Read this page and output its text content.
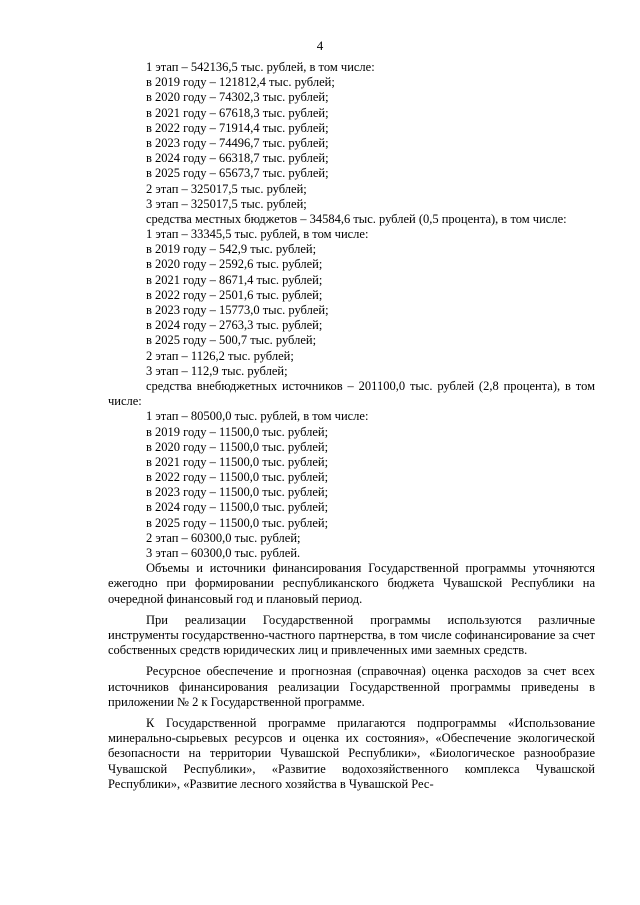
4
1 этап – 542136,5 тыс. рублей, в том числе:
в 2019 году – 121812,4 тыс. рублей;
в 2020 году – 74302,3 тыс. рублей;
в 2021 году – 67618,3 тыс. рублей;
в 2022 году – 71914,4 тыс. рублей;
в 2023 году – 74496,7 тыс. рублей;
в 2024 году – 66318,7 тыс. рублей;
в 2025 году – 65673,7 тыс. рублей;
2 этап – 325017,5 тыс. рублей;
3 этап – 325017,5 тыс. рублей;

средства местных бюджетов – 34584,6 тыс. рублей (0,5 процента), в том числе:

1 этап – 33345,5 тыс. рублей, в том числе:
в 2019 году – 542,9 тыс. рублей;
в 2020 году – 2592,6 тыс. рублей;
в 2021 году – 8671,4 тыс. рублей;
в 2022 году – 2501,6 тыс. рублей;
в 2023 году – 15773,0 тыс. рублей;
в 2024 году – 2763,3 тыс. рублей;
в 2025 году – 500,7 тыс. рублей;
2 этап – 1126,2 тыс. рублей;
3 этап – 112,9 тыс. рублей;

средства внебюджетных источников – 201100,0 тыс. рублей (2,8 процента), в том числе:

1 этап – 80500,0 тыс. рублей, в том числе:
в 2019 году – 11500,0 тыс. рублей;
в 2020 году – 11500,0 тыс. рублей;
в 2021 году – 11500,0 тыс. рублей;
в 2022 году – 11500,0 тыс. рублей;
в 2023 году – 11500,0 тыс. рублей;
в 2024 году – 11500,0 тыс. рублей;
в 2025 году – 11500,0 тыс. рублей;
2 этап – 60300,0 тыс. рублей;
3 этап – 60300,0 тыс. рублей.

Объемы и источники финансирования Государственной программы уточняются ежегодно при формировании республиканского бюджета Чувашской Республики на очередной финансовый год и плановый период.

При реализации Государственной программы используются различные инструменты государственно-частного партнерства, в том числе софинансирование за счет собственных средств юридических лиц и привлеченных ими заемных средств.

Ресурсное обеспечение и прогнозная (справочная) оценка расходов за счет всех источников финансирования реализации Государственной программы приведены в приложении № 2 к Государственной программе.

К Государственной программе прилагаются подпрограммы «Использование минерально-сырьевых ресурсов и оценка их состояния», «Обеспечение экологической безопасности на территории Чувашской Республики», «Биологическое разнообразие Чувашской Республики», «Развитие водохозяйственного комплекса Чувашской Республики», «Развитие лесного хозяйства в Чувашской Рес-
